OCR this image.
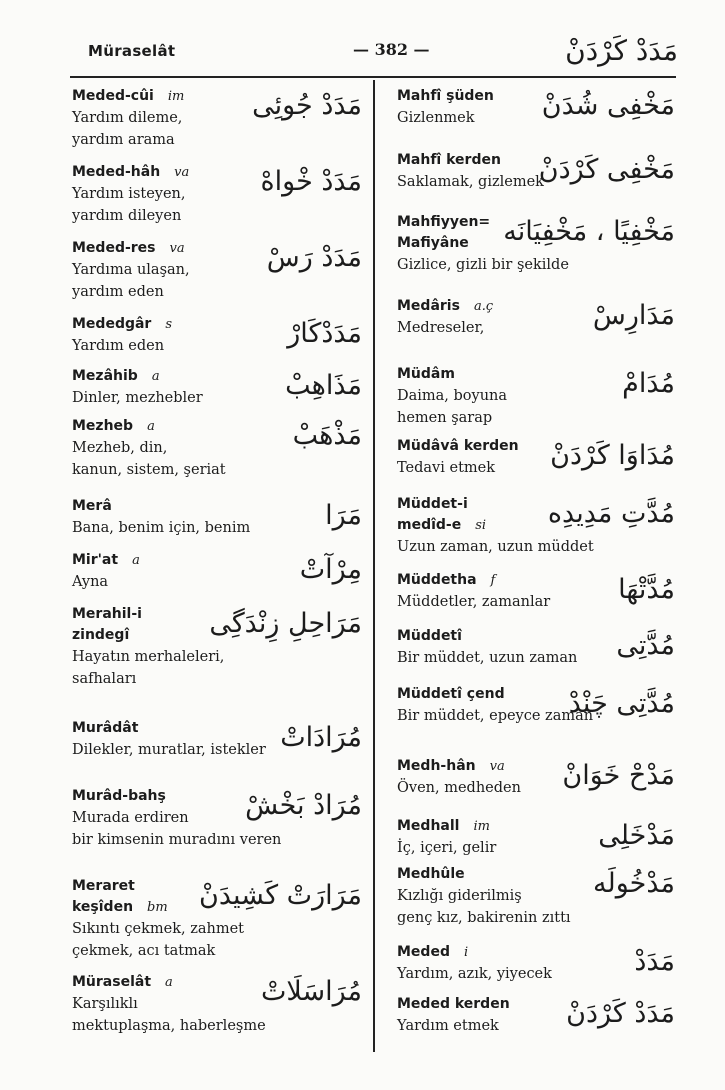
Müraselât	— 382 —	مَدَدْ كَرْدَنْ
Meded-cûi im
Yardım dileme,
yardım arama
مَدَدْ جُوئِى
Meded-hâh va
Yardım isteyen,
yardım dileyen
مَدَدْ خْواهْ
Meded-res va
Yardıma ulaşan,
yardım eden
مَدَدْ رَسْ
Mededgâr s
Yardım eden	مَدَدْكَارْ
Mezâhib a
Dinler, mezhebler	مَذَاهِبْ
Mezheb a
Mezheb, din,
kanun, sistem, şeriat
مَذْهَبْ
Merâ
Bana, benim için, benim	مَرَا
Mir'at a
Ayna	مِرْآتْ
Merahil-i
zindegî
Hayatın merhaleleri,
safhaları
مَرَاحِلِ زِنْدَگِى
Murâdât
Dilekler, muratlar, istekler مُرَادَاتْ
Murâd-bahş
Murada erdiren
bir kimsenin muradını veren
مُرَادْ بَخْشْ
Meraret
keşîden bm
Sıkıntı çekmek, zahmet
çekmek, acı tatmak
مَرَارَتْ كَشِيدَنْ
Müraselât a
Karşılıklı
mektuplaşma, haberleşme
مُرَاسَلَاتْ
Mahfî şüden
Gizlenmek	مَخْفِى شُدَنْ
Mahfî kerden
Saklamak, gizlemek
مَخْفِى كَرْدَنْ
Mahfiyyen=
Mafiyâne
Gizlice, gizli bir şekilde
مَخْفِيًا ، مَخْفِيَانَه
Medâris a.ç
Medreseler,	مَدَارِسْ
Müdâm
Daima, boyuna
hemen şarap
مُدَامْ
Müdâvâ kerden
Tedavi etmek	مُدَاوَا كَرْدَنْ
Müddet-i
medîd-e si
Uzun zaman, uzun müddet
مُدَّتِ مَدِيدِه
Müddetha f
Müddetler, zamanlar	مُدَّتْهَا
Müddetî
Bir müddet, uzun zaman	مُدَّتِى
Müddetî çend
Bir müddet, epeyce zaman
مُدَّتِى چَنْدْ
Medh-hân va
Öven, medheden	مَدْحْ خَوَانْ
Medhall im
İç, içeri, gelir	مَدْخَلِى
Medhûle
Kızlığı giderilmiş
genç kız, bakirenin zıttı
مَدْخُولَه
Meded i
Yardım, azık, yiyecek	مَدَدْ
Meded kerden
Yardım etmek	مَدَدْ كَرْدَنْ
